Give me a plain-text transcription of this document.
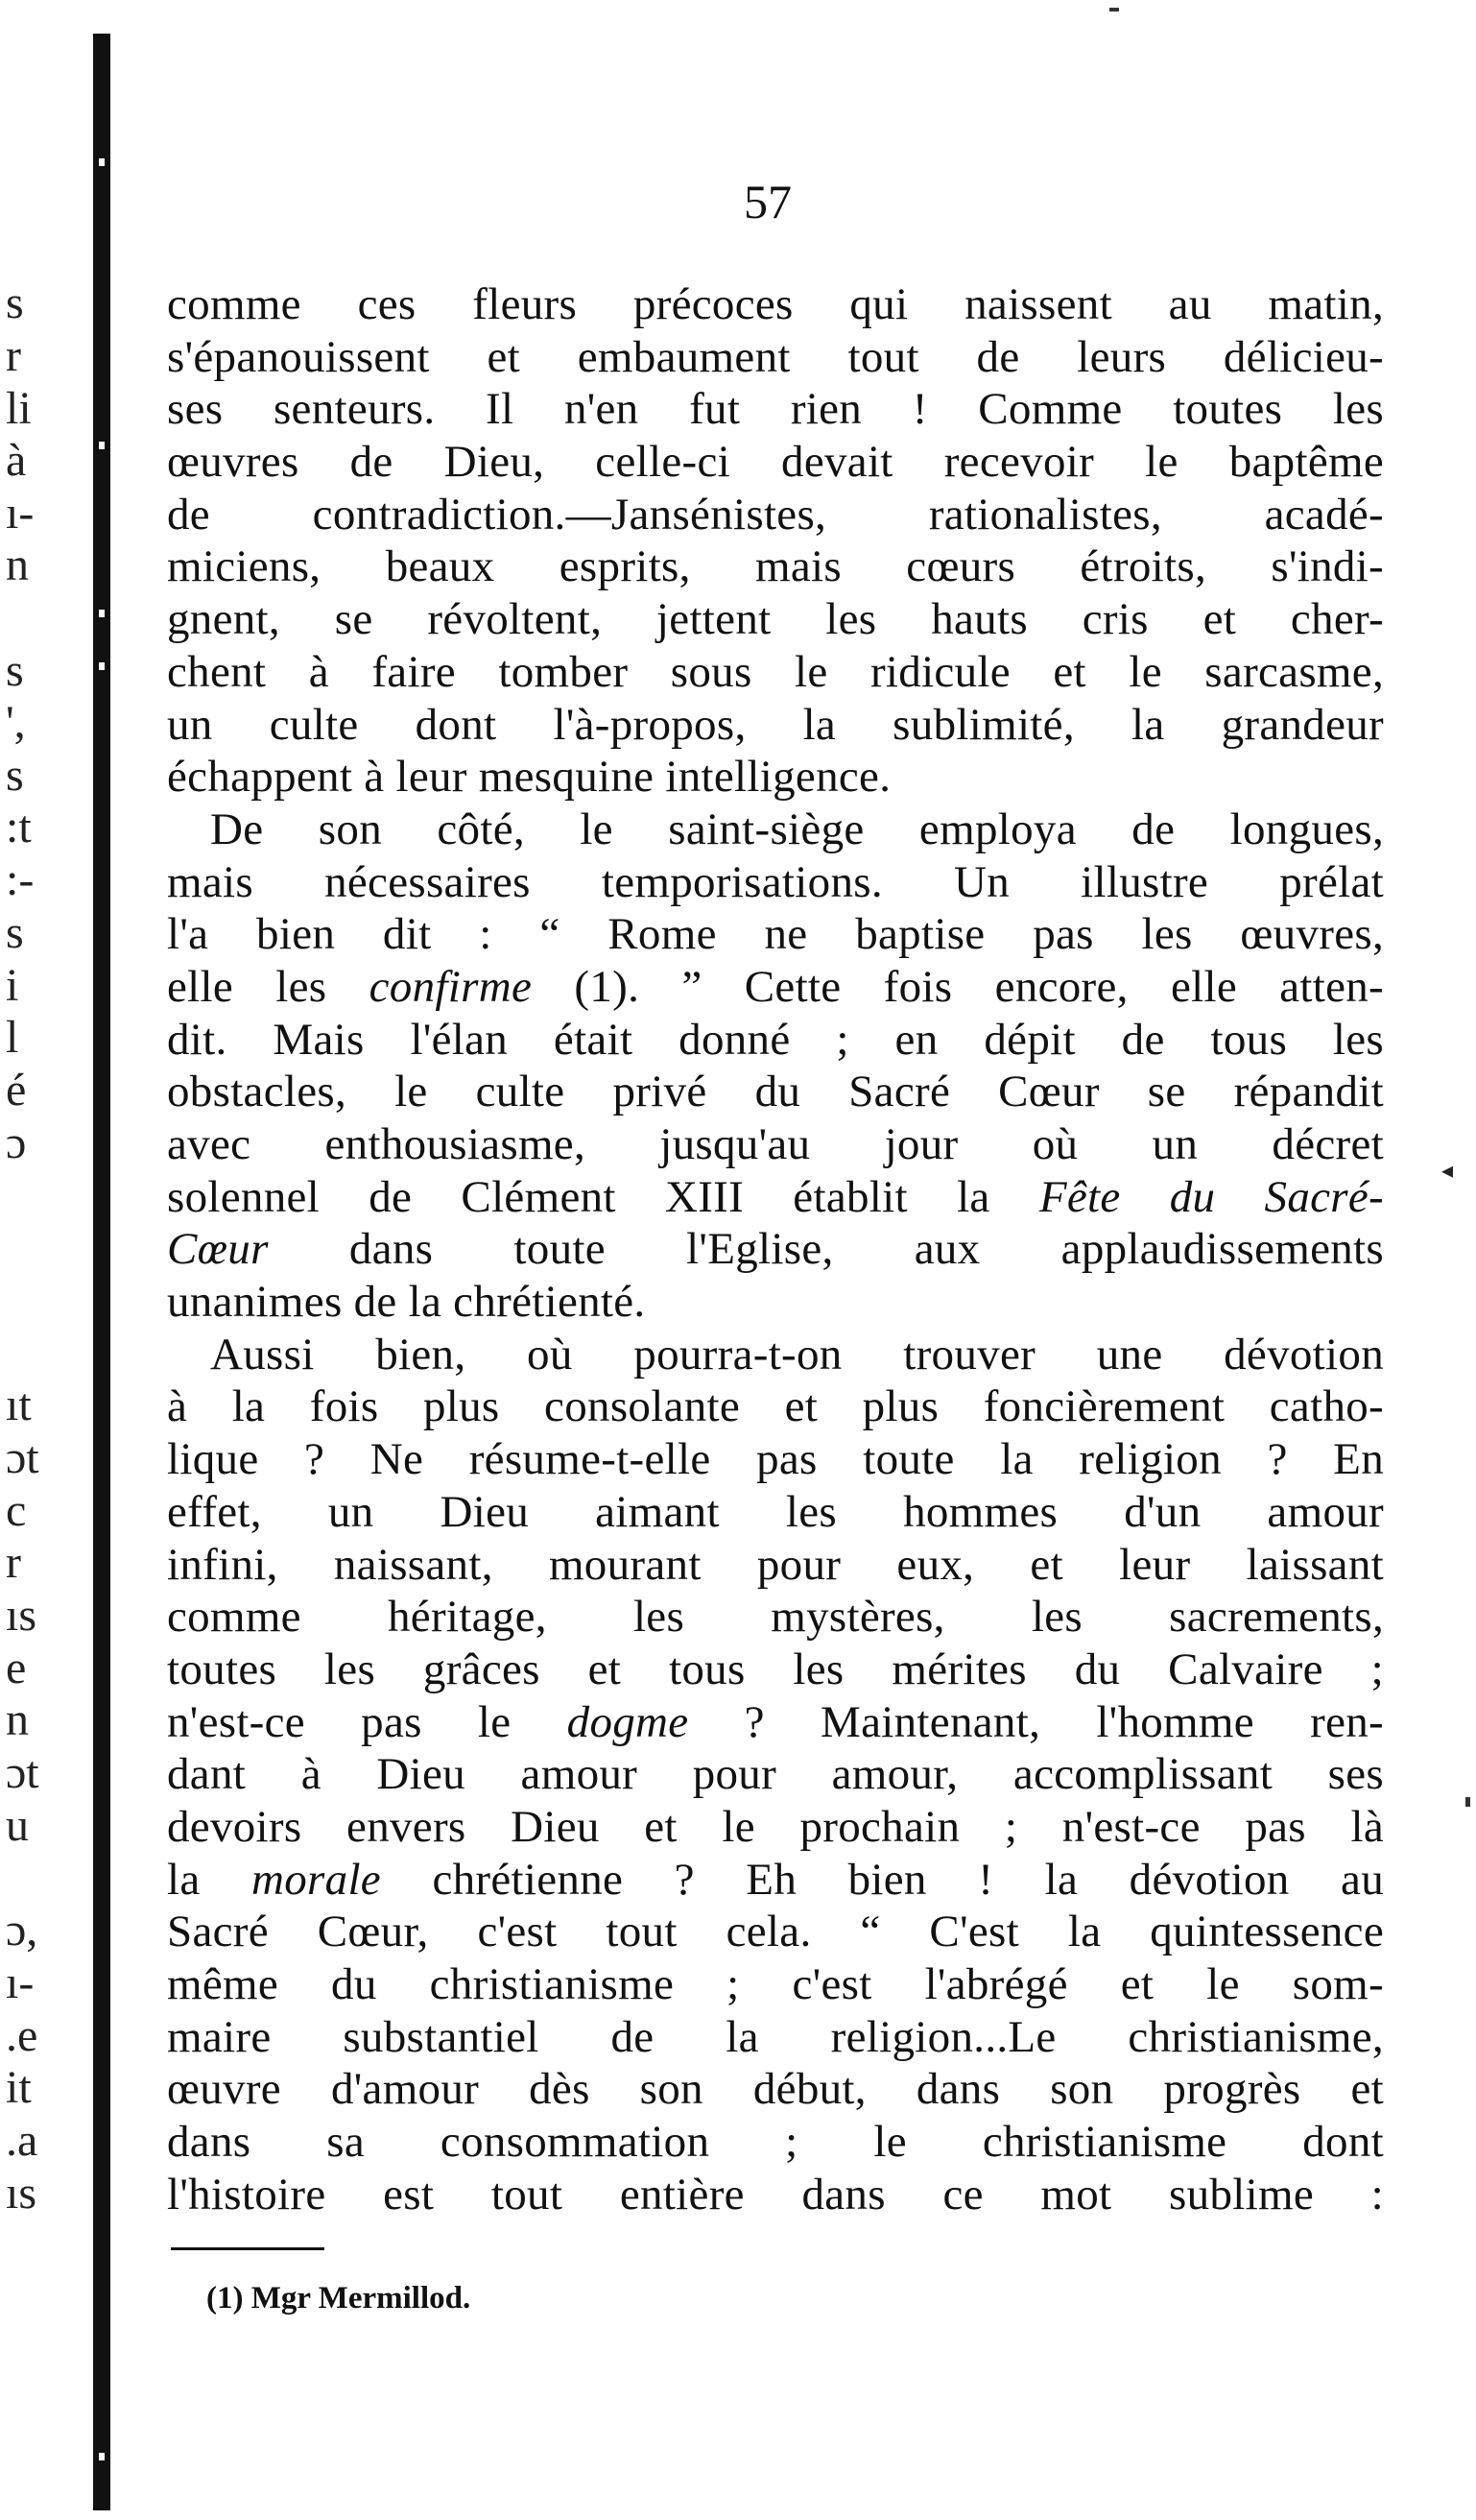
s
r
li
à
ı-
n
s
',
s
:t
:-
s
i
l
é
ɔ
ıt
ɔt
c
r
ıs
e
n
ɔt
u
ɔ,
ı-
.e
it
.a
ıs
57
comme ces fleurs précoces qui naissent au matin,
s'épanouissent et embaument tout de leurs délicieu-
ses senteurs. Il n'en fut rien ! Comme toutes les
œuvres de Dieu, celle-ci devait recevoir le baptême
de contradiction.—Jansénistes, rationalistes, acadé-
miciens, beaux esprits, mais cœurs étroits, s'indi-
gnent, se révoltent, jettent les hauts cris et cher-
chent à faire tomber sous le ridicule et le sarcasme,
un culte dont l'à-propos, la sublimité, la grandeur
échappent à leur mesquine intelligence.
De son côté, le saint-siège employa de longues,
mais nécessaires temporisations. Un illustre prélat
l'a bien dit : “ Rome ne baptise pas les œuvres,
elle les confirme (1). ” Cette fois encore, elle atten-
dit. Mais l'élan était donné ; en dépit de tous les
obstacles, le culte privé du Sacré Cœur se répandit
avec enthousiasme, jusqu'au jour où un décret
solennel de Clément XIII établit la Fête du Sacré-
Cœur dans toute l'Eglise, aux applaudissements
unanimes de la chrétienté.
Aussi bien, où pourra-t-on trouver une dévotion
à la fois plus consolante et plus foncièrement catho-
lique ? Ne résume-t-elle pas toute la religion ? En
effet, un Dieu aimant les hommes d'un amour
infini, naissant, mourant pour eux, et leur laissant
comme héritage, les mystères, les sacrements,
toutes les grâces et tous les mérites du Calvaire ;
n'est-ce pas le dogme ? Maintenant, l'homme ren-
dant à Dieu amour pour amour, accomplissant ses
devoirs envers Dieu et le prochain ; n'est-ce pas là
la morale chrétienne ? Eh bien ! la dévotion au
Sacré Cœur, c'est tout cela. “ C'est la quintessence
même du christianisme ; c'est l'abrégé et le som-
maire substantiel de la religion...Le christianisme,
œuvre d'amour dès son début, dans son progrès et
dans sa consommation ; le christianisme dont
l'histoire est tout entière dans ce mot sublime :
◂
(1) Mgr Mermillod.
